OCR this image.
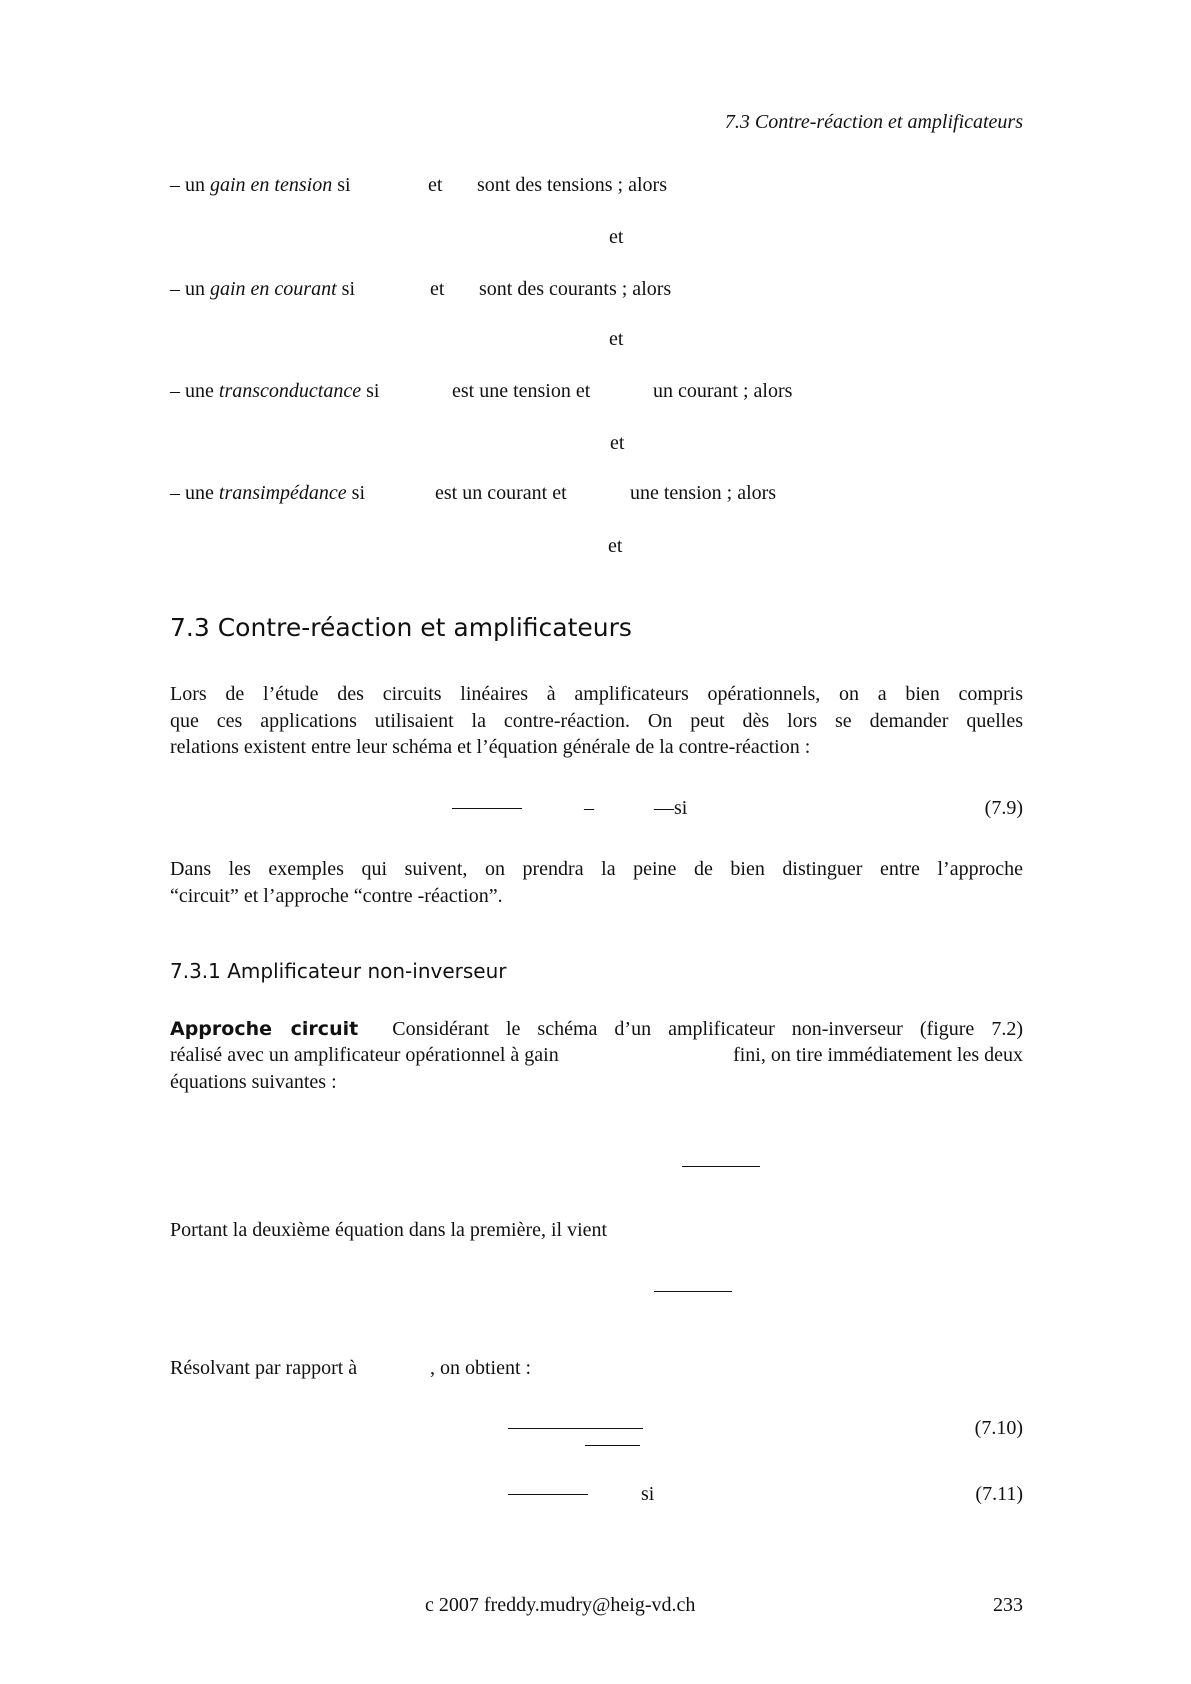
7.3 Contre-réaction et amplificateurs
– un gain en tension si	et sont des tensions ; alors
et
– un gain en courant si	et sont des courants ; alors
et
– une transconductance si	est une tension et	un courant ; alors
et
– une transimpédance si	est un courant et	une tension ; alors
et
7.3 Contre-réaction et amplificateurs
Lors de l’étude des circuits linéaires à amplificateurs opérationnels, on a bien compris
que ces applications utilisaient la contre-réaction. On peut dès lors se demander quelles
relations existent entre leur schéma et l’équation générale de la contre-réaction :
–	—si	(7.9)
Dans les exemples qui suivent, on prendra la peine de bien distinguer entre l’approche
“circuit” et l’approche “contre -réaction”.
7.3.1 Amplificateur non-inverseur
Approche circuit Considérant le schéma d’un amplificateur non-inverseur (figure 7.2)
réalisé avec un amplificateur opérationnel à gain	fini, on tire immédiatement les deux
équations suivantes :
Portant la deuxième équation dans la première, il vient
Résolvant par rapport à	, on obtient :
(7.10)
si	(7.11)
c 2007 freddy.mudry@heig-vd.ch	233
